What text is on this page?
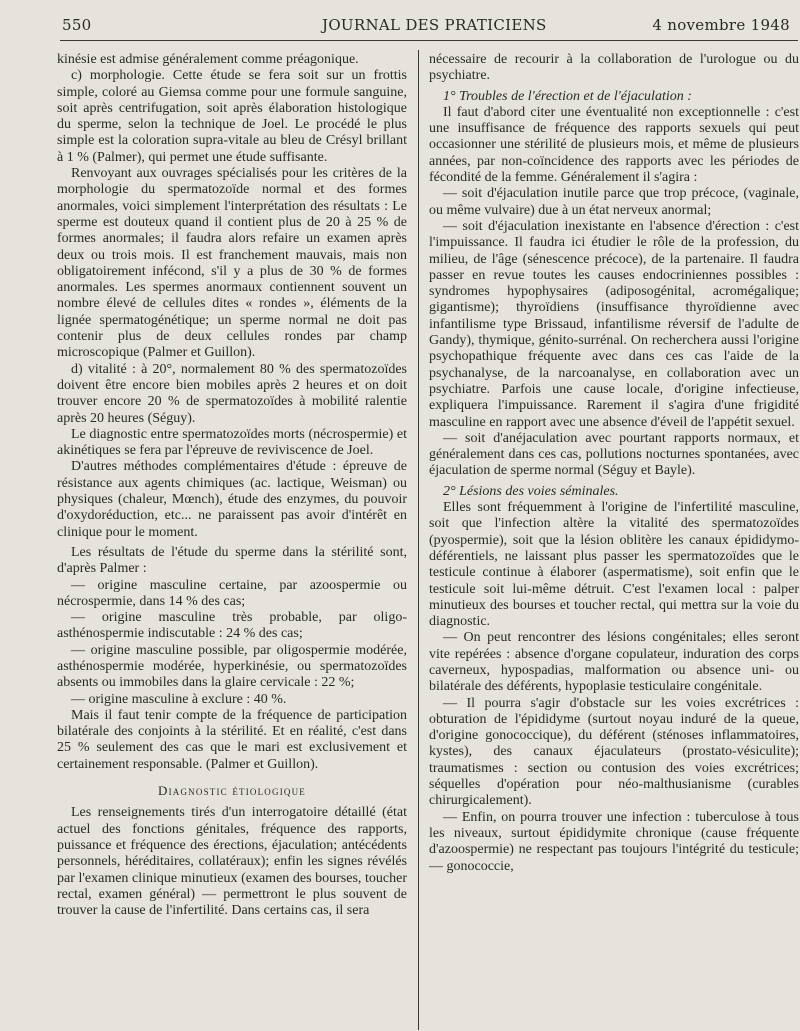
550	JOURNAL DES PRATICIENS	4 novembre 1948

kinésie est admise généralement comme préagonique.

c) morphologie. Cette étude se fera soit sur un frottis simple, coloré au Giemsa comme pour une formule sanguine, soit après centrifugation, soit après élaboration histologique du sperme, selon la technique de Joel. Le procédé le plus simple est la coloration supra-vitale au bleu de Crésyl brillant à 1 % (Palmer), qui permet une étude suffisante.

Renvoyant aux ouvrages spécialisés pour les critères de la morphologie du spermatozoïde normal et des formes anormales, voici simplement l'interprétation des résultats : Le sperme est douteux quand il contient plus de 20 à 25 % de formes anormales; il faudra alors refaire un examen après deux ou trois mois. Il est franchement mauvais, mais non obligatoirement infécond, s'il y a plus de 30 % de formes anormales. Les spermes anormaux contiennent souvent un nombre élevé de cellules dites « rondes », éléments de la lignée spermatogénétique; un sperme normal ne doit pas contenir plus de deux cellules rondes par champ microscopique (Palmer et Guillon).

d) vitalité : à 20°, normalement 80 % des spermatozoïdes doivent être encore bien mobiles après 2 heures et on doit trouver encore 20 % de spermatozoïdes à mobilité ralentie après 20 heures (Séguy).

Le diagnostic entre spermatozoïdes morts (nécrospermie) et akinétiques se fera par l'épreuve de reviviscence de Joel.

D'autres méthodes complémentaires d'étude : épreuve de résistance aux agents chimiques (ac. lactique, Weisman) ou physiques (chaleur, Mœnch), étude des enzymes, du pouvoir d'oxydoréduction, etc... ne paraissent pas avoir d'intérêt en clinique pour le moment.

Les résultats de l'étude du sperme dans la stérilité sont, d'après Palmer :

— origine masculine certaine, par azoospermie ou nécrospermie, dans 14 % des cas;

— origine masculine très probable, par oligo-asthénospermie indiscutable : 24 % des cas;

— origine masculine possible, par oligospermie modérée, asthénospermie modérée, hyperkinésie, ou spermatozoïdes absents ou immobiles dans la glaire cervicale : 22 %;

— origine masculine à exclure : 40 %.

Mais il faut tenir compte de la fréquence de participation bilatérale des conjoints à la stérilité. Et en réalité, c'est dans 25 % seulement des cas que le mari est exclusivement et certainement responsable. (Palmer et Guillon).

Diagnostic étiologique

Les renseignements tirés d'un interrogatoire détaillé (état actuel des fonctions génitales, fréquence des rapports, puissance et fréquence des érections, éjaculation; antécédents personnels, héréditaires, collatéraux); enfin les signes révélés par l'examen clinique minutieux (examen des bourses, toucher rectal, examen général) — permettront le plus souvent de trouver la cause de l'infertilité. Dans certains cas, il sera

nécessaire de recourir à la collaboration de l'urologue ou du psychiatre.

1° Troubles de l'érection et de l'éjaculation :

Il faut d'abord citer une éventualité non exceptionnelle : c'est une insuffisance de fréquence des rapports sexuels qui peut occasionner une stérilité de plusieurs mois, et même de plusieurs années, par non-coïncidence des rapports avec les périodes de fécondité de la femme. Généralement il s'agira :

— soit d'éjaculation inutile parce que trop précoce, (vaginale, ou même vulvaire) due à un état nerveux anormal;

— soit d'éjaculation inexistante en l'absence d'érection : c'est l'impuissance. Il faudra ici étudier le rôle de la profession, du milieu, de l'âge (sénescence précoce), de la partenaire. Il faudra passer en revue toutes les causes endocriniennes possibles : syndromes hypophysaires (adiposogénital, acromégalique; gigantisme); thyroïdiens (insuffisance thyroïdienne avec infantilisme type Brissaud, infantilisme réversif de l'adulte de Gandy), thymique, génito-surrénal. On recherchera aussi l'origine psychopathique fréquente avec dans ces cas l'aide de la psychanalyse, de la narcoanalyse, en collaboration avec un psychiatre. Parfois une cause locale, d'origine infectieuse, expliquera l'impuissance. Rarement il s'agira d'une frigidité masculine en rapport avec une absence d'éveil de l'appétit sexuel.

— soit d'anéjaculation avec pourtant rapports normaux, et généralement dans ces cas, pollutions nocturnes spontanées, avec éjaculation de sperme normal (Séguy et Bayle).

2° Lésions des voies séminales.

Elles sont fréquemment à l'origine de l'infertilité masculine, soit que l'infection altère la vitalité des spermatozoïdes (pyospermie), soit que la lésion oblitère les canaux épididymo-déférentiels, ne laissant plus passer les spermatozoïdes que le testicule continue à élaborer (aspermatisme), soit enfin que le testicule soit lui-même détruit. C'est l'examen local : palper minutieux des bourses et toucher rectal, qui mettra sur la voie du diagnostic.

— On peut rencontrer des lésions congénitales; elles seront vite repérées : absence d'organe copulateur, induration des corps caverneux, hypospadias, malformation ou absence uni- ou bilatérale des déférents, hypoplasie testiculaire congénitale.

— Il pourra s'agir d'obstacle sur les voies excrétrices : obturation de l'épididyme (surtout noyau induré de la queue, d'origine gonococcique), du déférent (sténoses inflammatoires, kystes), des canaux éjaculateurs (prostato-vésiculite); traumatismes : section ou contusion des voies excrétrices; séquelles d'opération pour néo-malthusianisme (curables chirurgicalement).

— Enfin, on pourra trouver une infection : tuberculose à tous les niveaux, surtout épididymite chronique (cause fréquente d'azoospermie) ne respectant pas toujours l'intégrité du testicule; — gonococcie,
